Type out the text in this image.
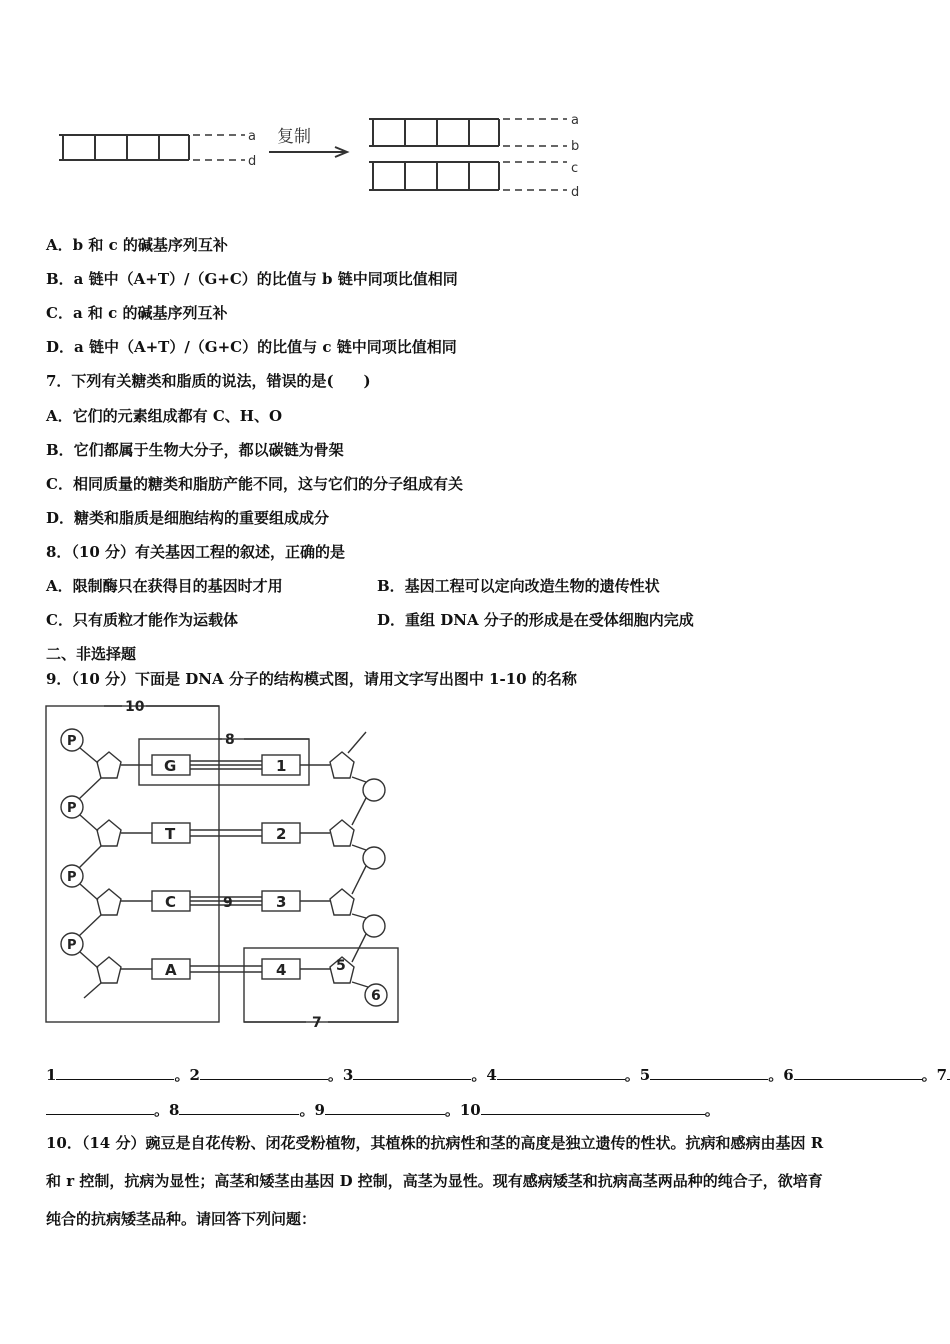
复制
a
d
a
b
c
d
A．b 和 c 的碱基序列互补
B．a 链中（A+T）/（G+C）的比值与 b 链中同项比值相同
C．a 和 c 的碱基序列互补
D．a 链中（A+T）/（G+C）的比值与 c 链中同项比值相同
7．下列有关糖类和脂质的说法，错误的是(　　)
A．它们的元素组成都有 C、H、O
B．它们都属于生物大分子，都以碳链为骨架
C．相同质量的糖类和脂肪产能不同，这与它们的分子组成有关
D．糖类和脂质是细胞结构的重要组成成分
8．（10 分）有关基因工程的叙述，正确的是
A．限制酶只在获得目的基因时才用	B．基因工程可以定向改造生物的遗传性状
C．只有质粒才能作为运载体	D．重组 DNA 分子的形成是在受体细胞内完成
二、非选择题
9．（10 分）下面是 DNA 分子的结构模式图，请用文字写出图中 1-10 的名称
P
P
P
P
G
T
C
A
1
2
3
4	5
6
7
8
9
10
1	。2	。3	。4	。5	。6	。7
。8	。9	。10	。
10．（14 分）豌豆是自花传粉、闭花受粉植物，其植株的抗病性和茎的高度是独立遗传的性状。抗病和感病由基因 R
和 r 控制，抗病为显性；高茎和矮茎由基因 D 控制，高茎为显性。现有感病矮茎和抗病高茎两品种的纯合子，欲培育
纯合的抗病矮茎品种。请回答下列问题：
